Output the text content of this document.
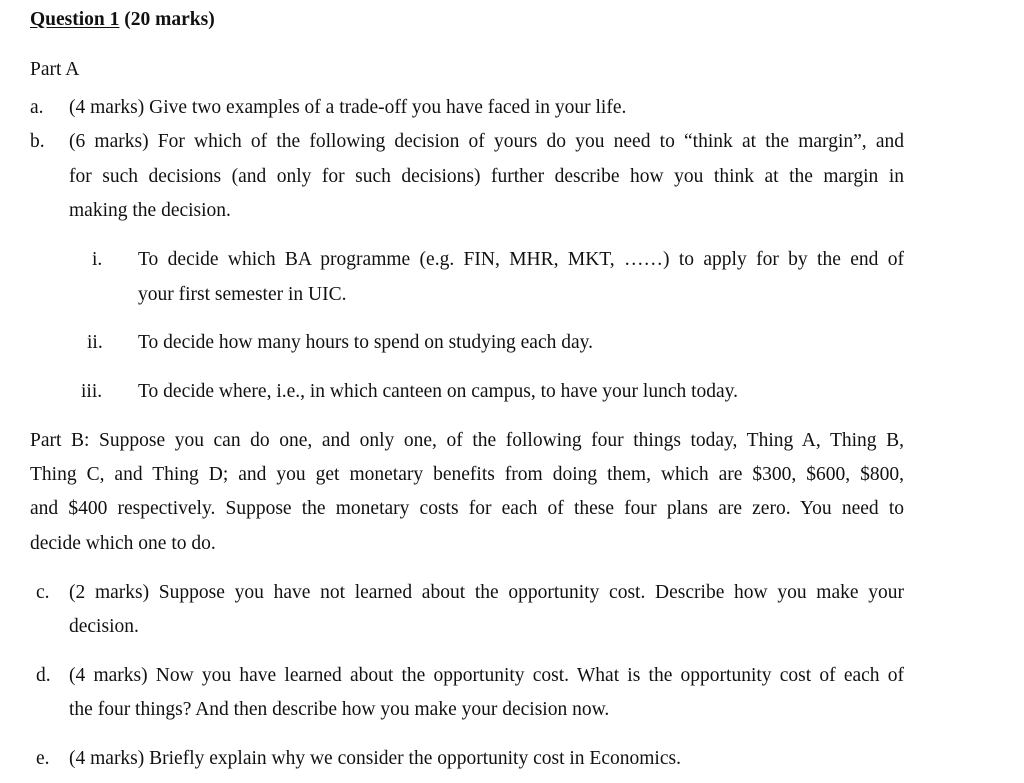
Question 1 (20 marks)
Part A
a. (4 marks) Give two examples of a trade-off you have faced in your life.
b. (6 marks) For which of the following decision of yours do you need to “think at the margin”, and
for such decisions (and only for such decisions) further describe how you think at the margin in
making the decision.
i. To decide which BA programme (e.g. FIN, MHR, MKT, ……) to apply for by the end of
your first semester in UIC.
ii. To decide how many hours to spend on studying each day.
iii. To decide where, i.e., in which canteen on campus, to have your lunch today.
Part B: Suppose you can do one, and only one, of the following four things today, Thing A, Thing B,
Thing C, and Thing D; and you get monetary benefits from doing them, which are $300, $600, $800,
and $400 respectively. Suppose the monetary costs for each of these four plans are zero. You need to
decide which one to do.
c. (2 marks) Suppose you have not learned about the opportunity cost. Describe how you make your
decision.
d. (4 marks) Now you have learned about the opportunity cost. What is the opportunity cost of each of
the four things? And then describe how you make your decision now.
e. (4 marks) Briefly explain why we consider the opportunity cost in Economics.
